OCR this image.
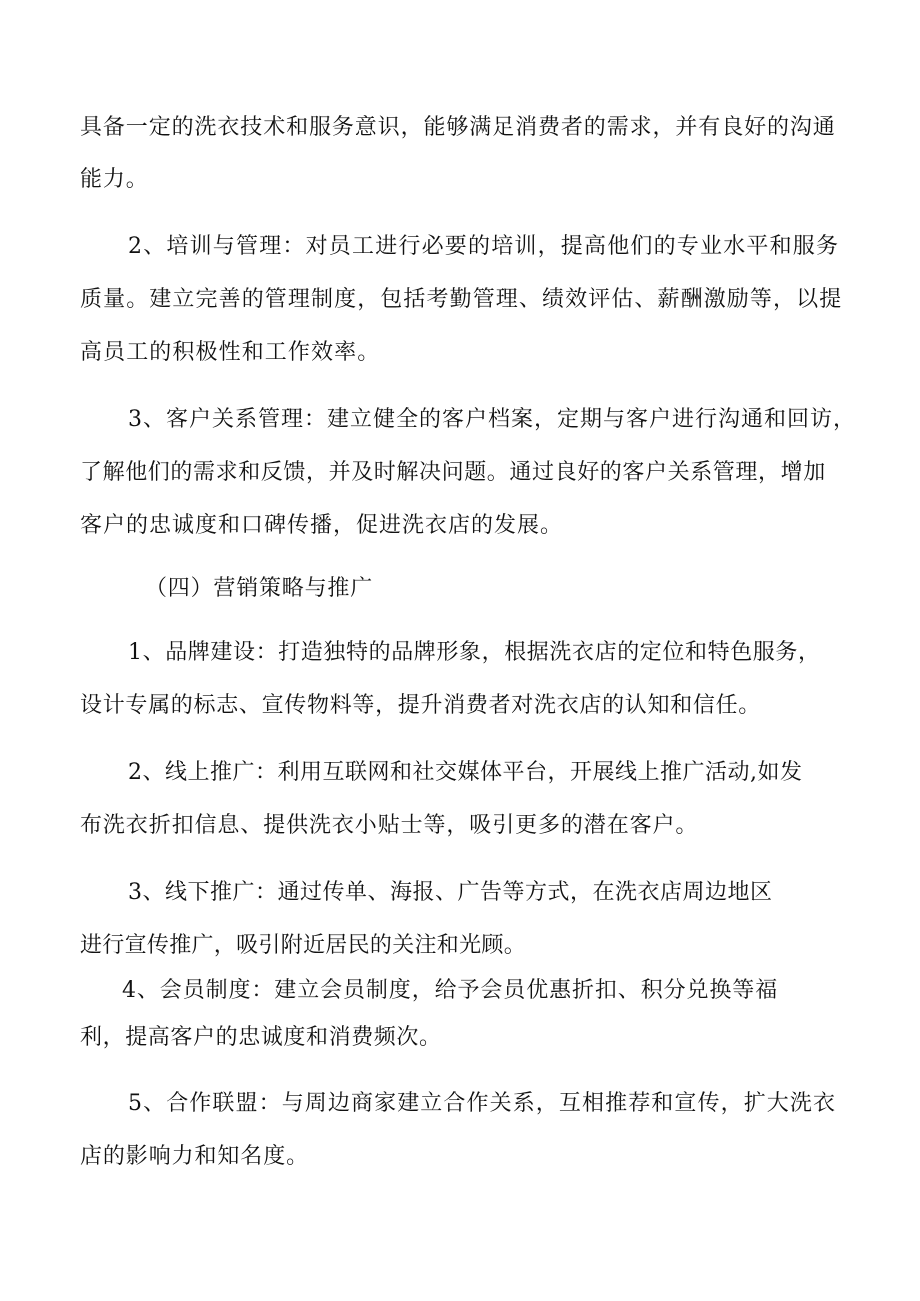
具备一定的洗衣技术和服务意识，能够满足消费者的需求，并有良好的沟通
能力。
2、培训与管理：对员工进行必要的培训，提高他们的专业水平和服务
质量。建立完善的管理制度，包括考勤管理、绩效评估、薪酬激励等，以提
高员工的积极性和工作效率。
3、客户关系管理：建立健全的客户档案，定期与客户进行沟通和回访，
了解他们的需求和反馈，并及时解决问题。通过良好的客户关系管理，增加
客户的忠诚度和口碑传播，促进洗衣店的发展。
（四）营销策略与推广
1、品牌建设：打造独特的品牌形象，根据洗衣店的定位和特色服务，
设计专属的标志、宣传物料等，提升消费者对洗衣店的认知和信任。
2、线上推广：利用互联网和社交媒体平台，开展线上推广活动,如发
布洗衣折扣信息、提供洗衣小贴士等，吸引更多的潜在客户。
3、线下推广：通过传单、海报、广告等方式，在洗衣店周边地区
进行宣传推广，吸引附近居民的关注和光顾。
4、会员制度：建立会员制度，给予会员优惠折扣、积分兑换等福
利，提高客户的忠诚度和消费频次。
5、合作联盟：与周边商家建立合作关系，互相推荐和宣传，扩大洗衣
店的影响力和知名度。
